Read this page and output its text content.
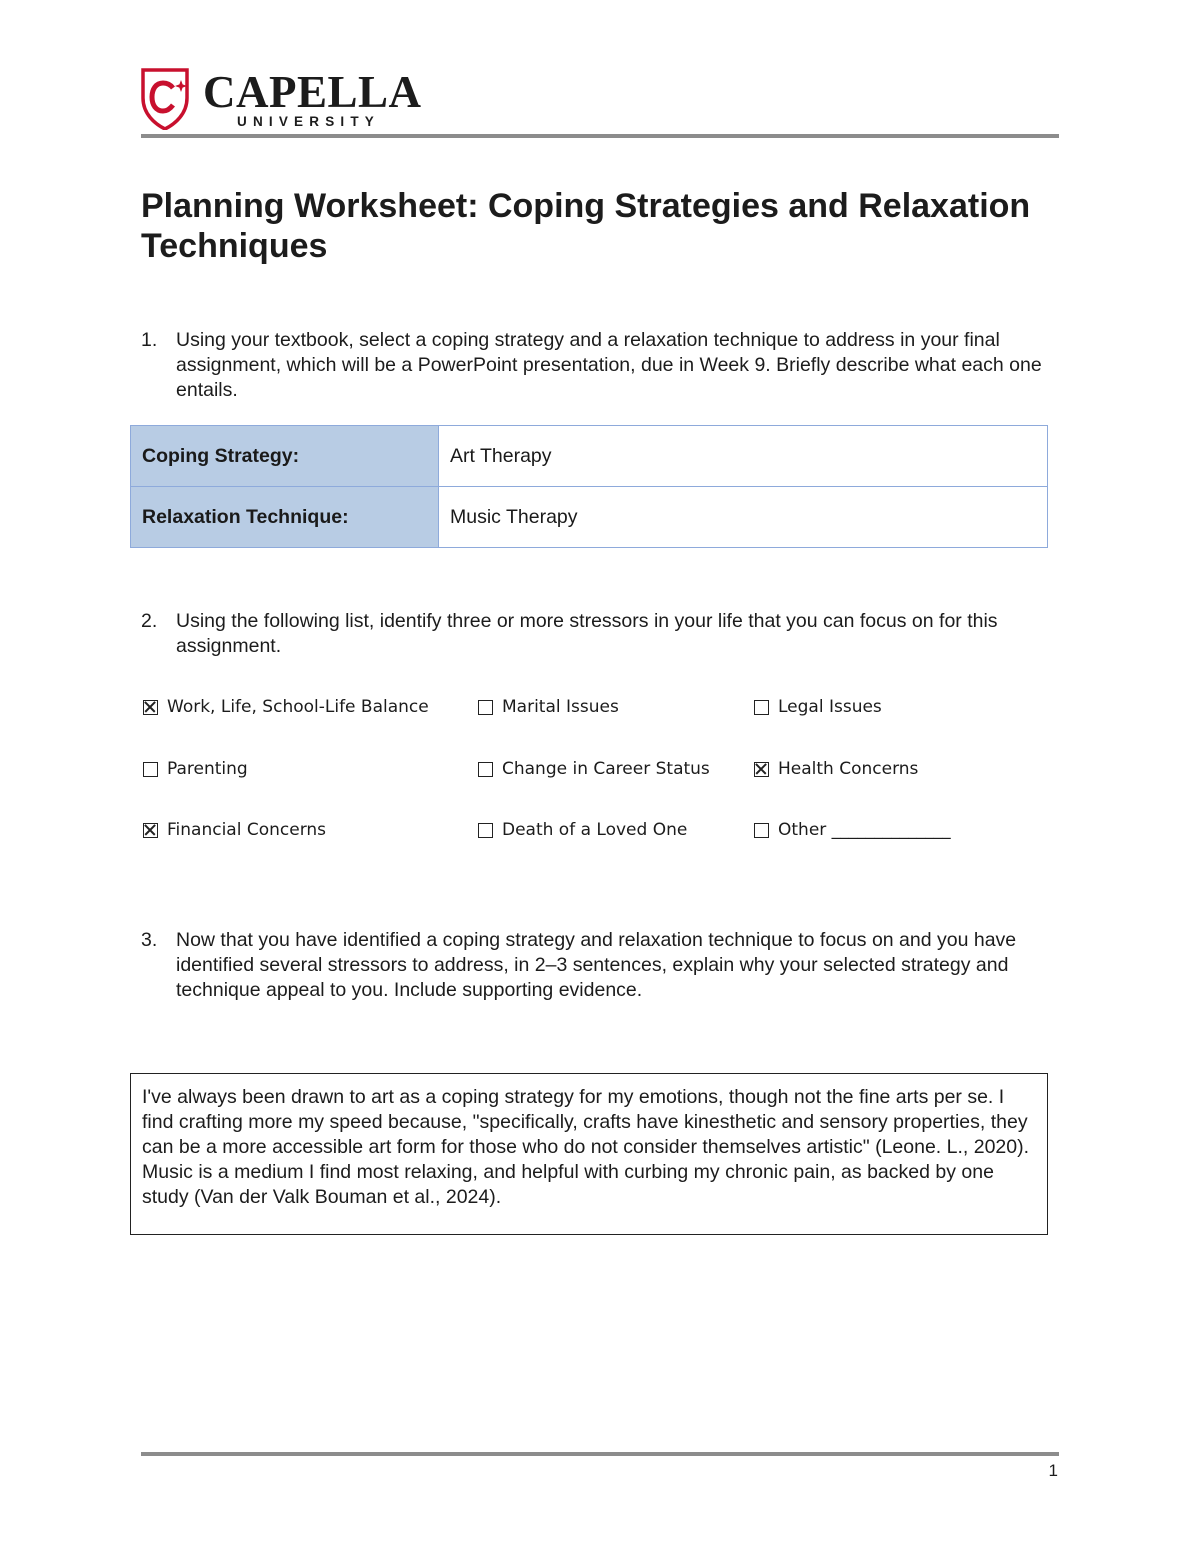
CAPELLA
UNIVERSITY
Planning Worksheet: Coping Strategies and Relaxation Techniques
1. Using your textbook, select a coping strategy and a relaxation technique to address in your final assignment, which will be a PowerPoint presentation, due in Week 9. Briefly describe what each one entails.
Coping Strategy:	Art Therapy
Relaxation Technique:	Music Therapy
2. Using the following list, identify three or more stressors in your life that you can focus on for this assignment.
Work, Life, School-Life Balance	Marital Issues	Legal Issues
Parenting	Change in Career Status	Health Concerns
Financial Concerns	Death of a Loved One	Other ______________
3. Now that you have identified a coping strategy and relaxation technique to focus on and you have identified several stressors to address, in 2–3 sentences, explain why your selected strategy and technique appeal to you. Include supporting evidence.
I've always been drawn to art as a coping strategy for my emotions, though not the fine arts per se. I find crafting more my speed because, "specifically, crafts have kinesthetic and sensory properties, they can be a more accessible art form for those who do not consider themselves artistic" (Leone. L., 2020). Music is a medium I find most relaxing, and helpful with curbing my chronic pain, as backed by one study (Van der Valk Bouman et al., 2024).
1
